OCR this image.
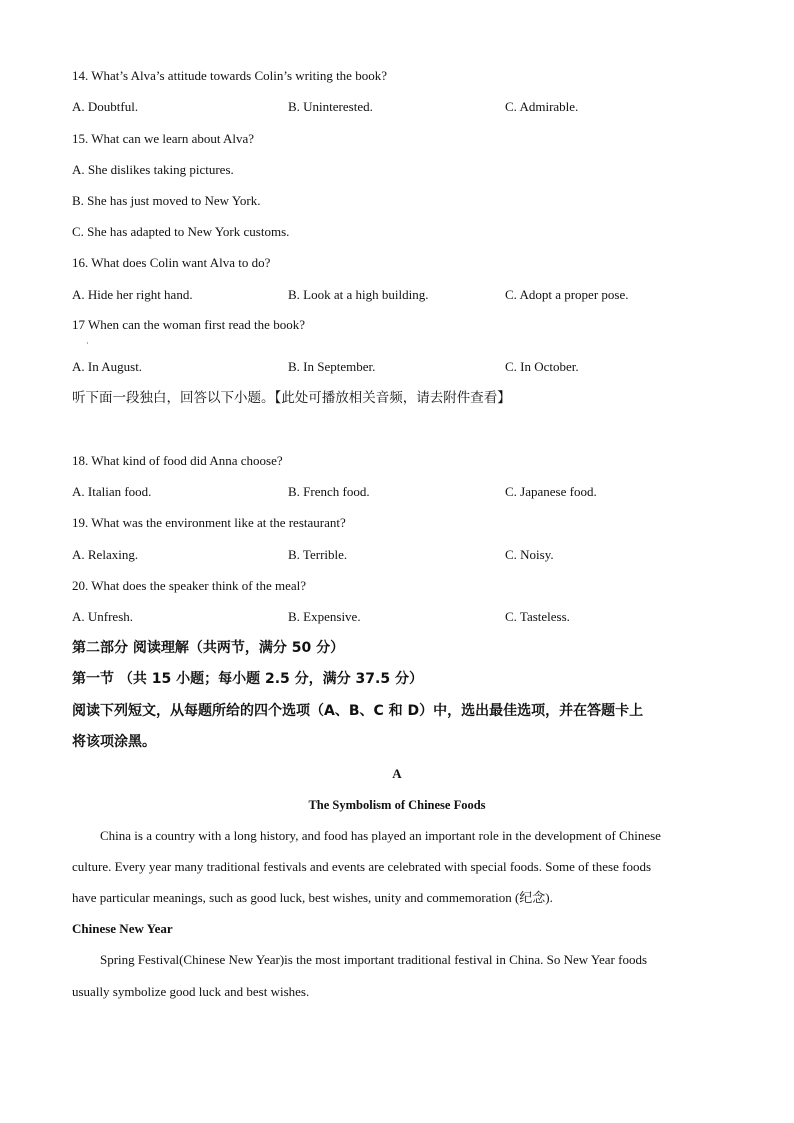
14. What’s Alva’s attitude towards Colin’s writing the book?
A. Doubtful.	B. Uninterested.	C. Admirable.
15. What can we learn about Alva?
A. She dislikes taking pictures.
B. She has just moved to New York.
C. She has adapted to New York customs.
16. What does Colin want Alva to do?
A. Hide her right hand.	B. Look at a high building.	C. Adopt a proper pose.
17 When can the woman first read the book?
·
A. In August.	B. In September.	C. In October.
听下面一段独白，回答以下小题。【此处可播放相关音频，请去附件查看】
18. What kind of food did Anna choose?
A. Italian food.	B. French food.	C. Japanese food.
19. What was the environment like at the restaurant?
A. Relaxing.	B. Terrible.	C. Noisy.
20. What does the speaker think of the meal?
A. Unfresh.	B. Expensive.	C. Tasteless.
第二部分 阅读理解（共两节，满分 50 分）
第一节 （共 15 小题；每小题 2.5 分，满分 37.5 分）
阅读下列短文，从每题所给的四个选项（A、B、C 和 D）中，选出最佳选项，并在答题卡上
将该项涂黑。
A
The Symbolism of Chinese Foods
China is a country with a long history, and food has played an important role in the development of Chinese
culture. Every year many traditional festivals and events are celebrated with special foods. Some of these foods
have particular meanings, such as good luck, best wishes, unity and commemoration (纪念).
Chinese New Year
Spring Festival(Chinese New Year)is the most important traditional festival in China. So New Year foods
usually symbolize good luck and best wishes.
